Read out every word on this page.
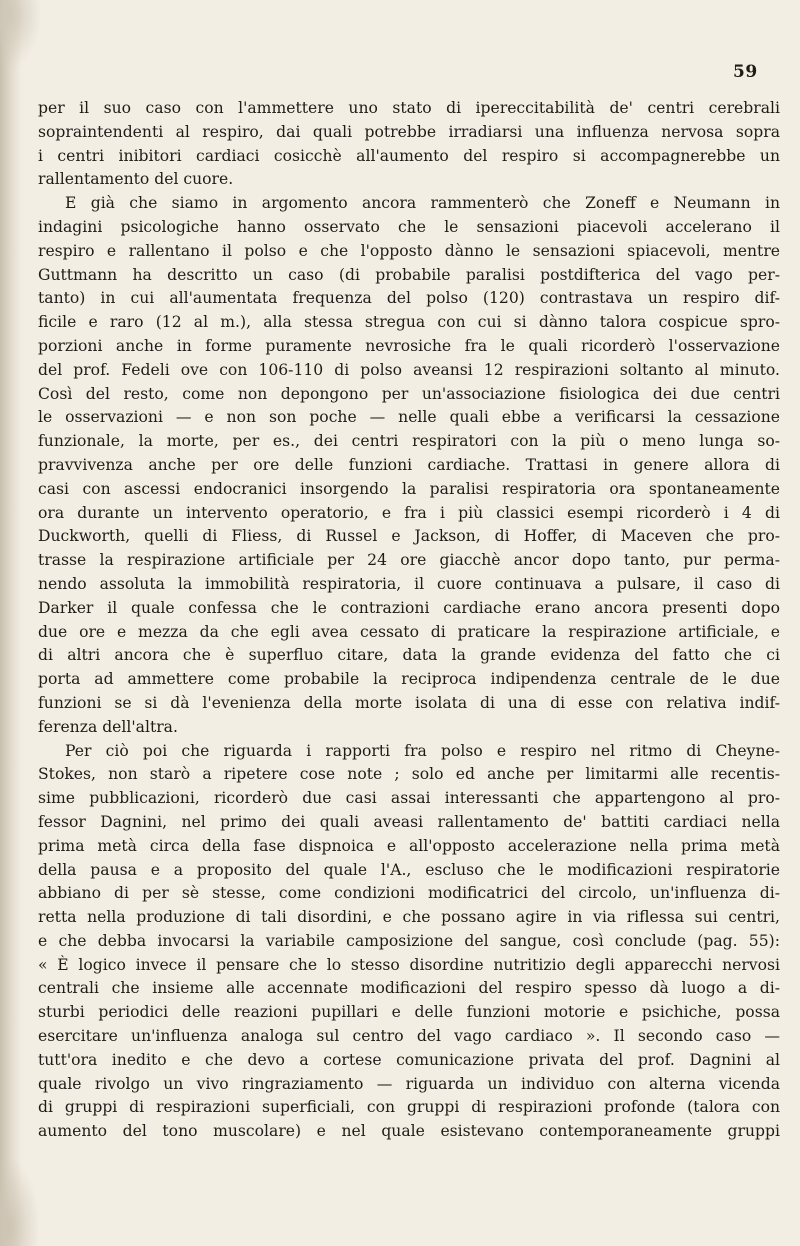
59
per il suo caso con l'ammettere uno stato di ipereccitabilità de' centri cerebrali
sopraintendenti al respiro, dai quali potrebbe irradiarsi una influenza nervosa sopra
i centri inibitori cardiaci cosicchè all'aumento del respiro si accompagnerebbe un
rallentamento del cuore.
E già che siamo in argomento ancora rammenterò che Zoneff e Neumann in
indagini psicologiche hanno osservato che le sensazioni piacevoli accelerano il
respiro e rallentano il polso e che l'opposto dànno le sensazioni spiacevoli, mentre
Guttmann ha descritto un caso (di probabile paralisi postdifterica del vago per-
tanto) in cui all'aumentata frequenza del polso (120) contrastava un respiro dif-
ficile e raro (12 al m.), alla stessa stregua con cui si dànno talora cospicue spro-
porzioni anche in forme puramente nevrosiche fra le quali ricorderò l'osservazione
del prof. Fedeli ove con 106-110 di polso aveansi 12 respirazioni soltanto al minuto.
Così del resto, come non depongono per un'associazione fisiologica dei due centri
le osservazioni — e non son poche — nelle quali ebbe a verificarsi la cessazione
funzionale, la morte, per es., dei centri respiratori con la più o meno lunga so-
pravvivenza anche per ore delle funzioni cardiache. Trattasi in genere allora di
casi con ascessi endocranici insorgendo la paralisi respiratoria ora spontaneamente
ora durante un intervento operatorio, e fra i più classici esempi ricorderò i 4 di
Duckworth, quelli di Fliess, di Russel e Jackson, di Hoffer, di Maceven che pro-
trasse la respirazione artificiale per 24 ore giacchè ancor dopo tanto, pur perma-
nendo assoluta la immobilità respiratoria, il cuore continuava a pulsare, il caso di
Darker il quale confessa che le contrazioni cardiache erano ancora presenti dopo
due ore e mezza da che egli avea cessato di praticare la respirazione artificiale, e
di altri ancora che è superfluo citare, data la grande evidenza del fatto che ci
porta ad ammettere come probabile la reciproca indipendenza centrale de le due
funzioni se si dà l'evenienza della morte isolata di una di esse con relativa indif-
ferenza dell'altra.
Per ciò poi che riguarda i rapporti fra polso e respiro nel ritmo di Cheyne-
Stokes, non starò a ripetere cose note ; solo ed anche per limitarmi alle recentis-
sime pubblicazioni, ricorderò due casi assai interessanti che appartengono al pro-
fessor Dagnini, nel primo dei quali aveasi rallentamento de' battiti cardiaci nella
prima metà circa della fase dispnoica e all'opposto accelerazione nella prima metà
della pausa e a proposito del quale l'A., escluso che le modificazioni respiratorie
abbiano di per sè stesse, come condizioni modificatrici del circolo, un'influenza di-
retta nella produzione di tali disordini, e che possano agire in via riflessa sui centri,
e che debba invocarsi la variabile camposizione del sangue, così conclude (pag. 55):
« È logico invece il pensare che lo stesso disordine nutritizio degli apparecchi nervosi
centrali che insieme alle accennate modificazioni del respiro spesso dà luogo a di-
sturbi periodici delle reazioni pupillari e delle funzioni motorie e psichiche, possa
esercitare un'influenza analoga sul centro del vago cardiaco ». Il secondo caso —
tutt'ora inedito e che devo a cortese comunicazione privata del prof. Dagnini al
quale rivolgo un vivo ringraziamento — riguarda un individuo con alterna vicenda
di gruppi di respirazioni superficiali, con gruppi di respirazioni profonde (talora con
aumento del tono muscolare) e nel quale esistevano contemporaneamente gruppi
